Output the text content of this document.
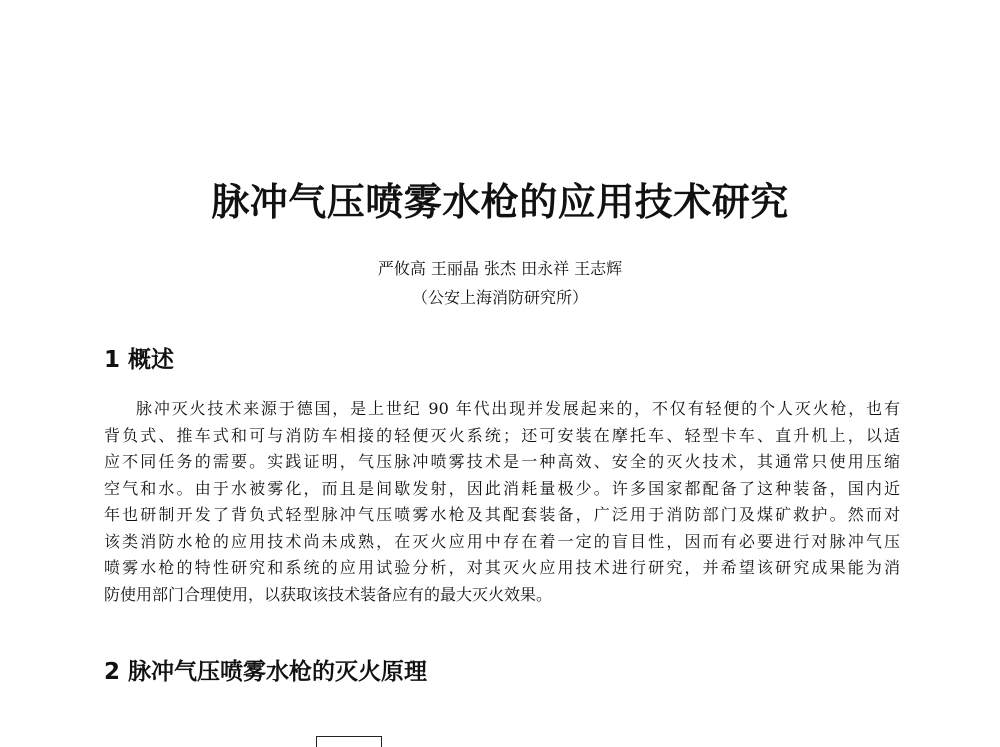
脉冲气压喷雾水枪的应用技术研究
严攸高 王丽晶 张杰 田永祥 王志辉
（公安上海消防研究所）
1 概述
脉冲灭火技术来源于德国，是上世纪 90 年代出现并发展起来的，不仅有轻便的个人灭火枪，也有
背负式、推车式和可与消防车相接的轻便灭火系统；还可安装在摩托车、轻型卡车、直升机上，以适
应不同任务的需要。实践证明，气压脉冲喷雾技术是一种高效、安全的灭火技术，其通常只使用压缩
空气和水。由于水被雾化，而且是间歇发射，因此消耗量极少。许多国家都配备了这种装备，国内近
年也研制开发了背负式轻型脉冲气压喷雾水枪及其配套装备，广泛用于消防部门及煤矿救护。然而对
该类消防水枪的应用技术尚未成熟，在灭火应用中存在着一定的盲目性，因而有必要进行对脉冲气压
喷雾水枪的特性研究和系统的应用试验分析，对其灭火应用技术进行研究，并希望该研究成果能为消
防使用部门合理使用，以获取该技术装备应有的最大灭火效果。
2 脉冲气压喷雾水枪的灭火原理
